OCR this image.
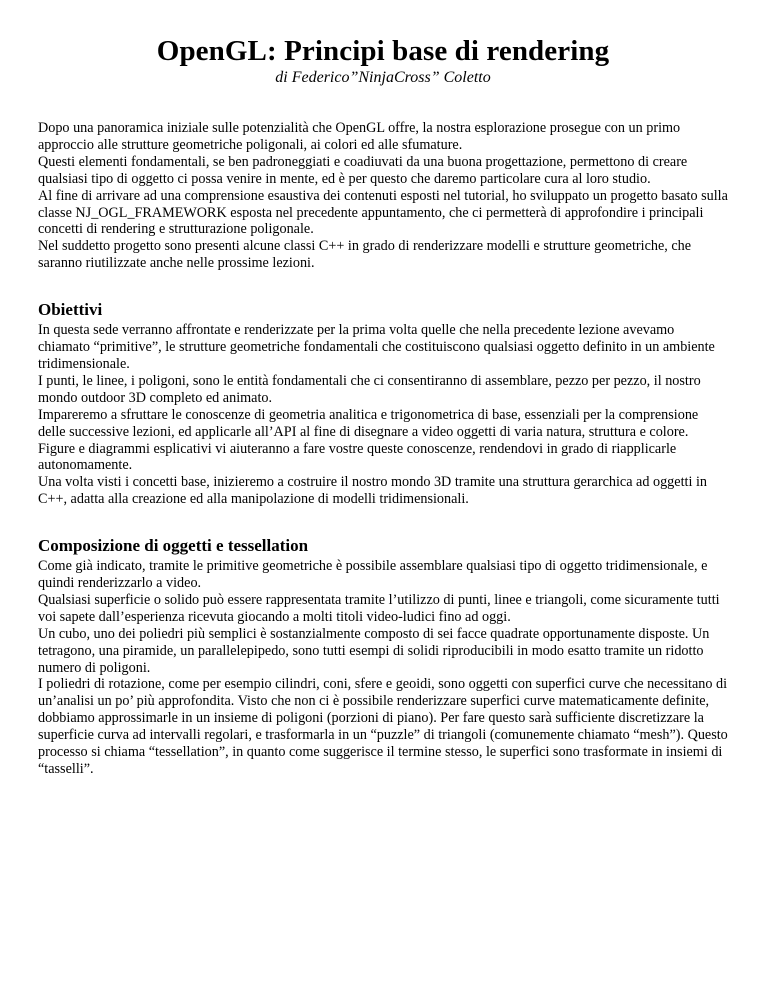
OpenGL: Principi base di rendering

di Federico”NinjaCross” Coletto

Dopo una panoramica iniziale sulle potenzialità che OpenGL offre, la nostra esplorazione prosegue con un primo approccio alle strutture geometriche poligonali, ai colori ed alle sfumature.

Questi elementi fondamentali, se ben padroneggiati e coadiuvati da una buona progettazione, permettono di creare qualsiasi tipo di oggetto ci possa venire in mente, ed è per questo che daremo particolare cura al loro studio.

Al fine di arrivare ad una comprensione esaustiva dei contenuti esposti nel tutorial, ho sviluppato un progetto basato sulla classe NJ_OGL_FRAMEWORK esposta nel precedente appuntamento, che ci permetterà di approfondire i principali concetti di rendering e strutturazione poligonale.

Nel suddetto progetto sono presenti alcune classi C++ in grado di renderizzare modelli e strutture geometriche, che saranno riutilizzate anche nelle prossime lezioni.

Obiettivi

In questa sede verranno affrontate e renderizzate per la prima volta quelle che nella precedente lezione avevamo chiamato “primitive”, le strutture geometriche fondamentali che costituiscono qualsiasi oggetto definito in un ambiente tridimensionale.

I punti, le linee, i poligoni, sono le entità fondamentali che ci consentiranno di assemblare, pezzo per pezzo, il nostro mondo outdoor 3D completo ed animato.

Impareremo a sfruttare le conoscenze di geometria analitica e trigonometrica di base, essenziali per la comprensione delle successive lezioni, ed applicarle all’API al fine di disegnare a video oggetti di varia natura, struttura e colore.

Figure e diagrammi esplicativi vi aiuteranno a fare vostre queste conoscenze, rendendovi in grado di riapplicarle autonomamente.

Una volta visti i concetti base, inizieremo a costruire il nostro mondo 3D tramite una struttura gerarchica ad oggetti in C++, adatta alla creazione ed alla manipolazione di modelli tridimensionali.

Composizione di oggetti e tessellation

Come già indicato, tramite le primitive geometriche è possibile assemblare qualsiasi tipo di oggetto tridimensionale, e quindi renderizzarlo a video.

Qualsiasi superficie o solido può essere rappresentata tramite l’utilizzo di punti, linee e triangoli, come sicuramente tutti voi sapete dall’esperienza ricevuta giocando a molti titoli video-ludici fino ad oggi.

Un cubo, uno dei poliedri più semplici è sostanzialmente composto di sei facce quadrate opportunamente disposte. Un tetragono, una piramide, un parallelepipedo, sono tutti esempi di solidi riproducibili in modo esatto tramite un ridotto numero di poligoni.

I poliedri di rotazione, come per esempio cilindri, coni, sfere e geoidi, sono oggetti con superfici curve che necessitano di un’analisi un po’ più approfondita. Visto che non ci è possibile renderizzare superfici curve matematicamente definite, dobbiamo approssimarle in un insieme di poligoni (porzioni di piano). Per fare questo sarà sufficiente discretizzare la superficie curva ad intervalli regolari, e trasformarla in un “puzzle” di triangoli (comunemente chiamato “mesh”). Questo processo si chiama “tessellation”, in quanto come suggerisce il termine stesso, le superfici sono trasformate in insiemi di “tasselli”.
